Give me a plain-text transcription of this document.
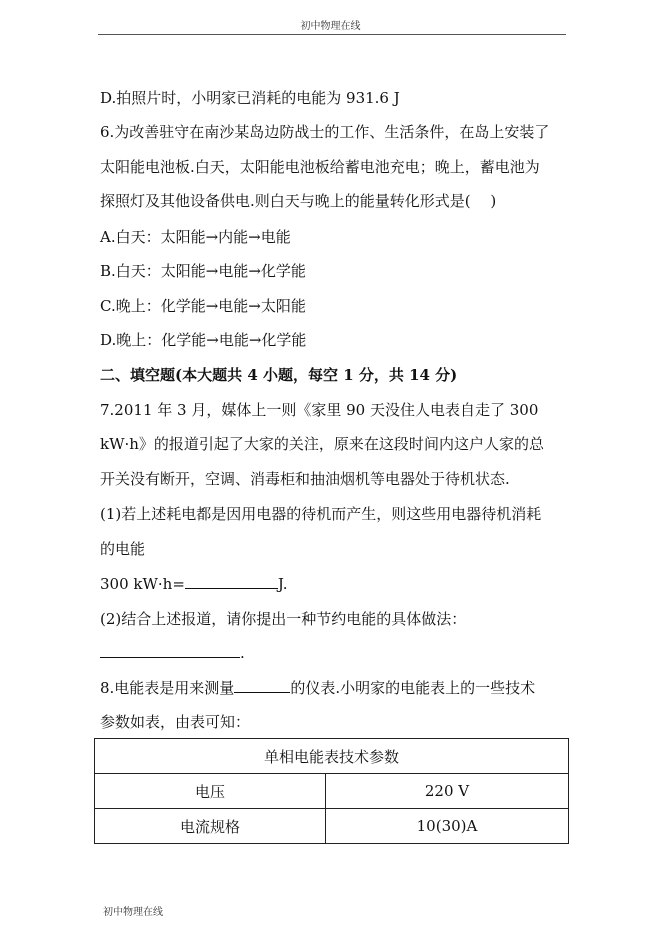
初中物理在线
D.拍照片时，小明家已消耗的电能为 931.6 J
6.为改善驻守在南沙某岛边防战士的工作、生活条件，在岛上安装了
太阳能电池板.白天，太阳能电池板给蓄电池充电；晚上，蓄电池为
探照灯及其他设备供电.则白天与晚上的能量转化形式是(　 )
A.白天：太阳能→内能→电能
B.白天：太阳能→电能→化学能
C.晚上：化学能→电能→太阳能
D.晚上：化学能→电能→化学能
二、填空题(本大题共 4 小题，每空 1 分，共 14 分)
7.2011 年 3 月，媒体上一则《家里 90 天没住人电表自走了 300
kW·h》的报道引起了大家的关注，原来在这段时间内这户人家的总
开关没有断开，空调、消毒柜和抽油烟机等电器处于待机状态.
(1)若上述耗电都是因用电器的待机而产生，则这些用电器待机消耗
的电能
300 kW·h=	J.
(2)结合上述报道，请你提出一种节约电能的具体做法：
.
8.电能表是用来测量	的仪表.小明家的电能表上的一些技术
参数如表，由表可知：
单相电能表技术参数	
电压	220 V
电流规格	10(30)A
初中物理在线
